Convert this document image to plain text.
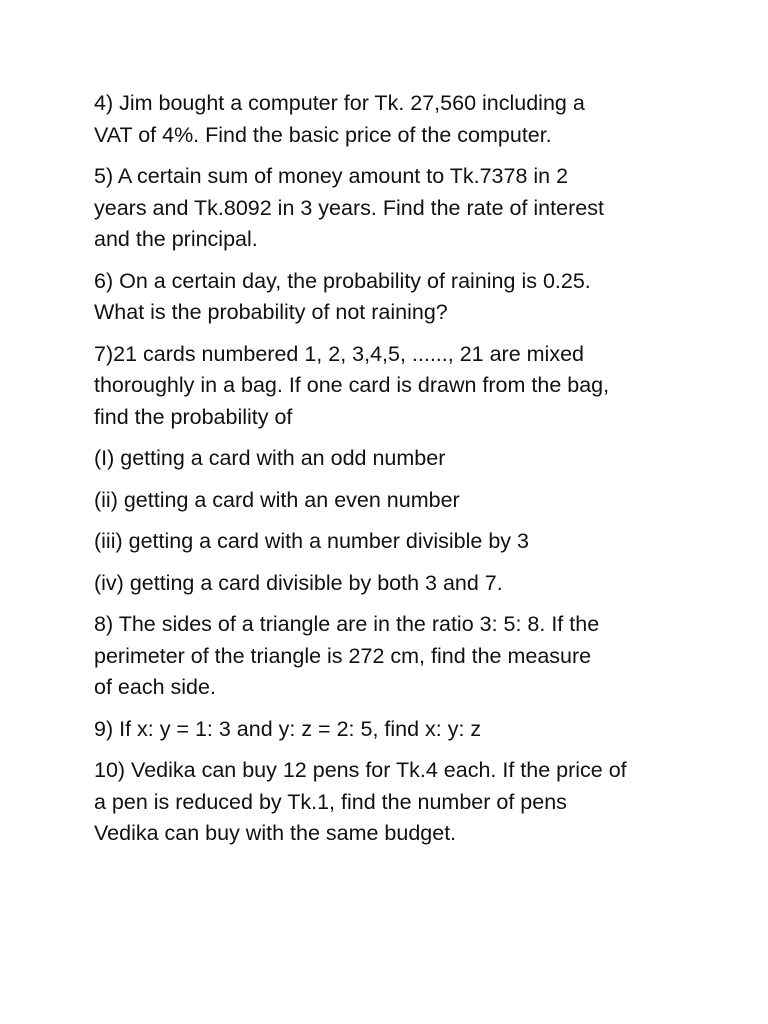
4) Jim bought a computer for Tk. 27,560 including a
VAT of 4%. Find the basic price of the computer.

5) A certain sum of money amount to Tk.7378 in 2
years and Tk.8092 in 3 years. Find the rate of interest
and the principal.

6) On a certain day, the probability of raining is 0.25.
What is the probability of not raining?

7)21 cards numbered 1, 2, 3,4,5, ......, 21 are mixed
thoroughly in a bag. If one card is drawn from the bag,
find the probability of

(I) getting a card with an odd number

(ii) getting a card with an even number

(iii) getting a card with a number divisible by 3

(iv) getting a card divisible by both 3 and 7.

8) The sides of a triangle are in the ratio 3: 5: 8. If the
perimeter of the triangle is 272 cm, find the measure
of each side.

9) If x: y = 1: 3 and y: z = 2: 5, find x: y: z

10) Vedika can buy 12 pens for Tk.4 each. If the price of
a pen is reduced by Tk.1, find the number of pens
Vedika can buy with the same budget.
